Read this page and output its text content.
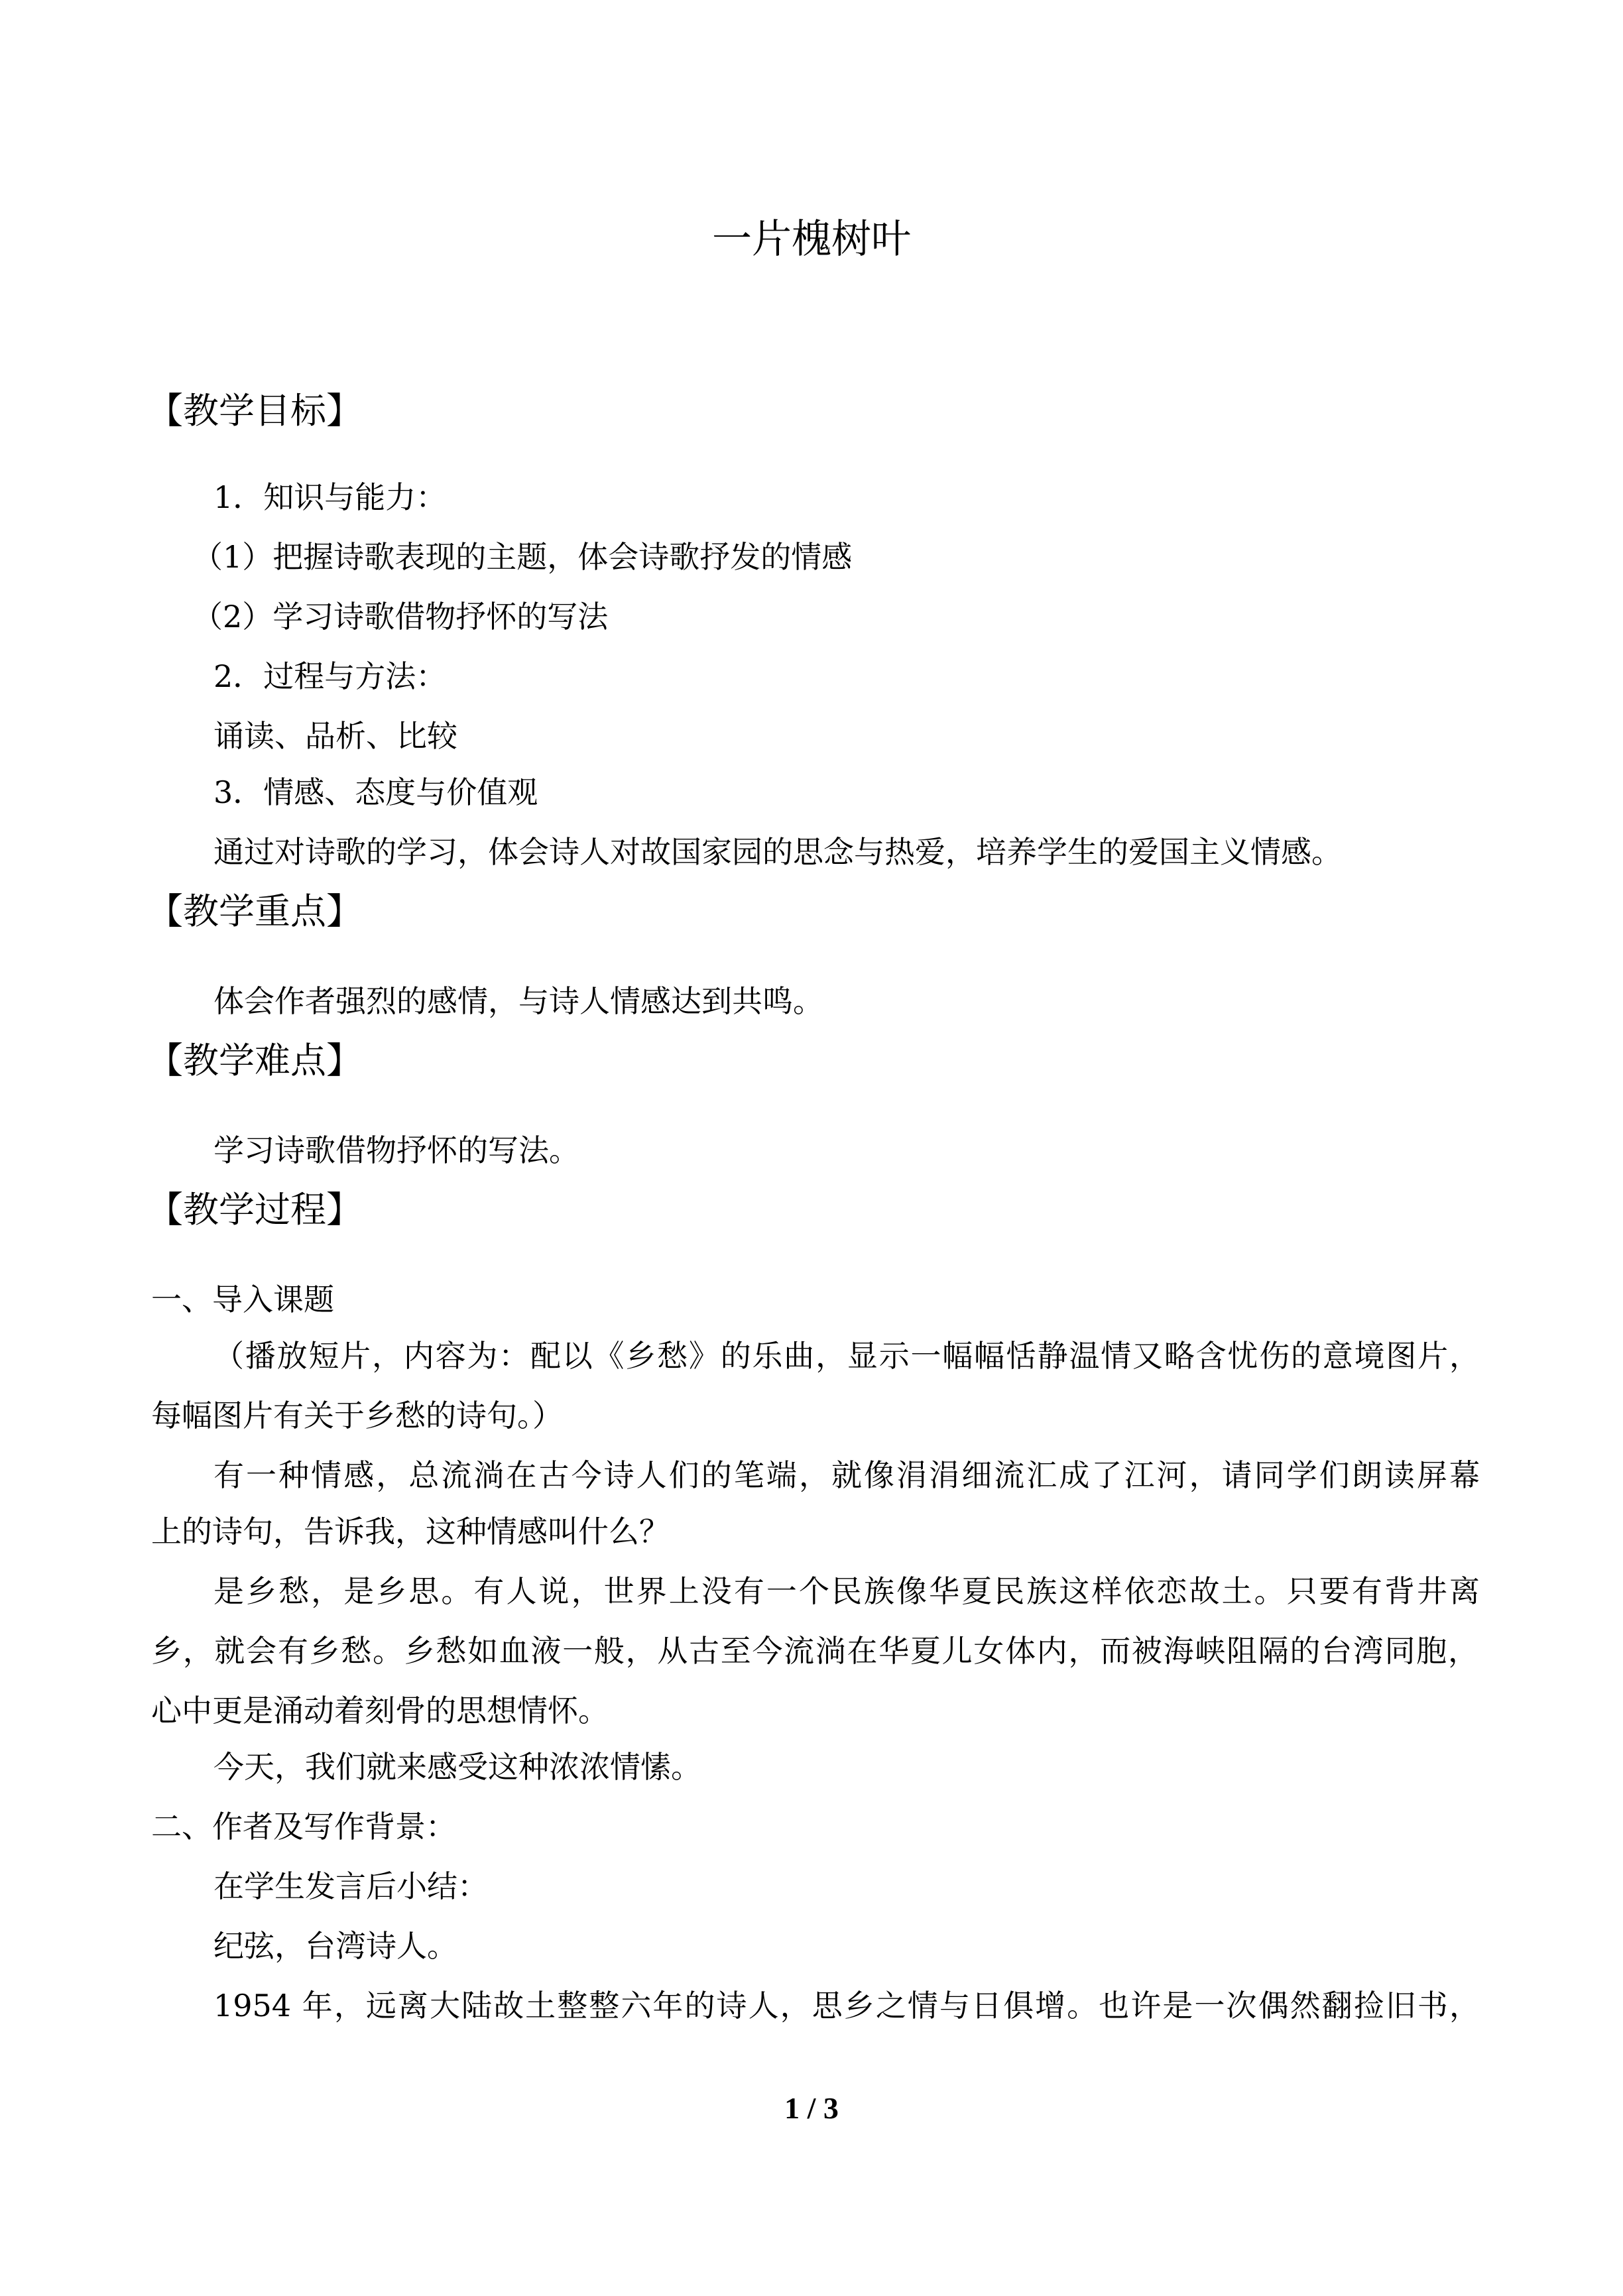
一片槐树叶
【教学目标】
1．知识与能力：
（1）把握诗歌表现的主题，体会诗歌抒发的情感
（2）学习诗歌借物抒怀的写法
2．过程与方法：
诵读、品析、比较
3．情感、态度与价值观
通过对诗歌的学习，体会诗人对故国家园的思念与热爱，培养学生的爱国主义情感。
【教学重点】
体会作者强烈的感情，与诗人情感达到共鸣。
【教学难点】
学习诗歌借物抒怀的写法。
【教学过程】
一、导入课题
（播放短片，内容为：配以《乡愁》的乐曲，显示一幅幅恬静温情又略含忧伤的意境图片，
每幅图片有关于乡愁的诗句。）
有一种情感，总流淌在古今诗人们的笔端，就像涓涓细流汇成了江河，请同学们朗读屏幕
上的诗句，告诉我，这种情感叫什么？
是乡愁，是乡思。有人说，世界上没有一个民族像华夏民族这样依恋故土。只要有背井离
乡，就会有乡愁。乡愁如血液一般，从古至今流淌在华夏儿女体内，而被海峡阻隔的台湾同胞，
心中更是涌动着刻骨的思想情怀。
今天，我们就来感受这种浓浓情愫。
二、作者及写作背景：
在学生发言后小结：
纪弦，台湾诗人。
1954 年，远离大陆故土整整六年的诗人，思乡之情与日俱增。也许是一次偶然翻捡旧书，
1 / 3
